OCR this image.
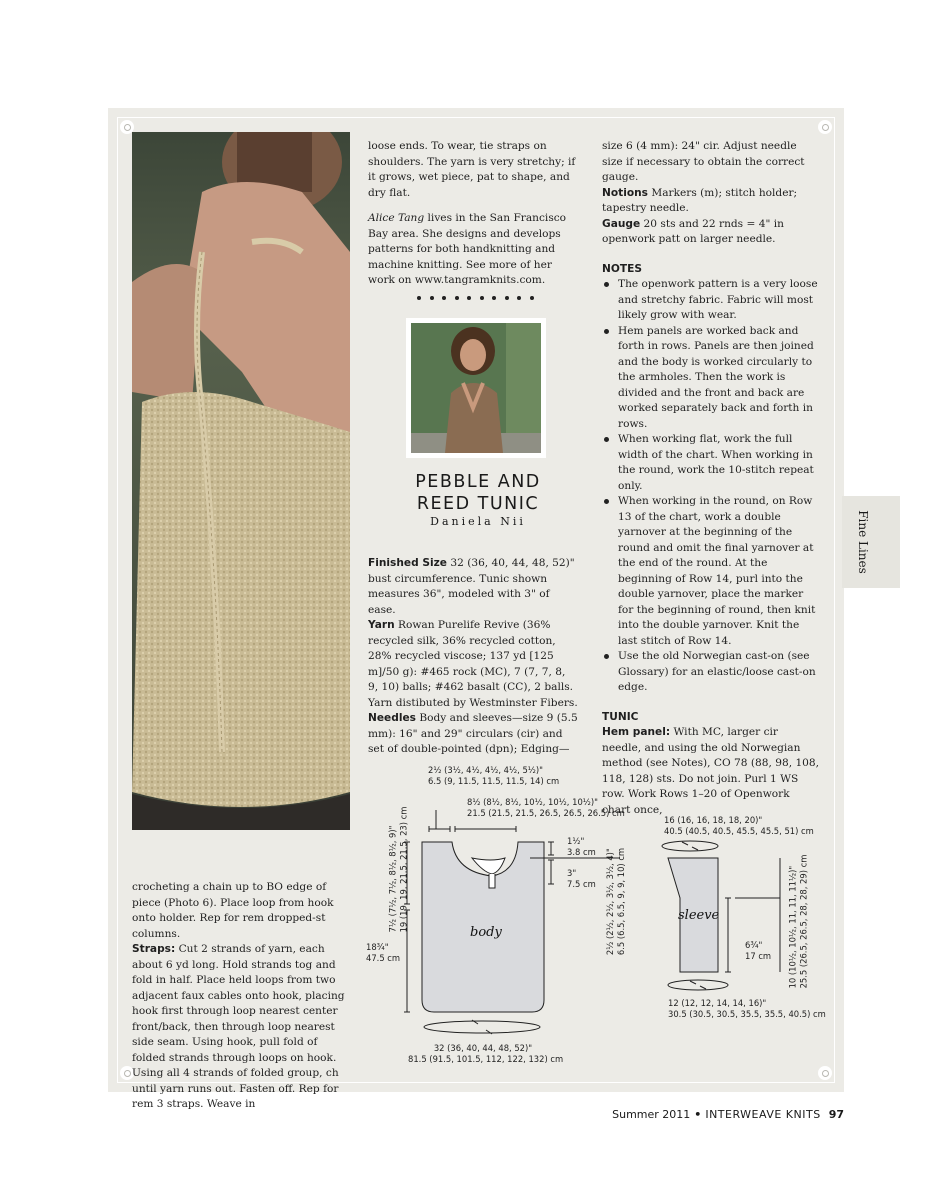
crocheting a chain up to BO edge of piece (Photo 6). Place loop from hook onto holder. Rep for rem dropped-st columns.

Straps: Cut 2 strands of yarn, each about 6 yd long. Hold strands tog and fold in half. Place held loops from two adjacent faux cables onto hook, placing hook first through loop nearest center front/back, then through loop nearest side seam. Using hook, pull fold of folded strands through loops on hook. Using all 4 strands of folded group, ch until yarn runs out. Fasten off. Rep for rem 3 straps. Weave in

loose ends. To wear, tie straps on shoulders. The yarn is very stretchy; if it grows, wet piece, pat to shape, and dry flat.

Alice Tang lives in the San Francisco Bay area. She designs and develops patterns for both handknitting and machine knitting. See more of her work on www.tangramknits.com.

PEBBLE AND
REED TUNIC
Daniela Nii

Finished Size 32 (36, 40, 44, 48, 52)" bust circumference. Tunic shown measures 36", modeled with 3" of ease.

Yarn Rowan Purelife Revive (36% recycled silk, 36% recycled cotton, 28% recycled viscose; 137 yd [125 m]/50 g): #465 rock (MC), 7 (7, 7, 8, 9, 10) balls; #462 basalt (CC), 2 balls. Yarn distibuted by Westminster Fibers.

Needles Body and sleeves—size 9 (5.5 mm): 16" and 29" circulars (cir) and set of double-pointed (dpn); Edging—

size 6 (4 mm): 24" cir. Adjust needle size if necessary to obtain the correct gauge.

Notions Markers (m); stitch holder; tapestry needle.

Gauge 20 sts and 22 rnds = 4" in openwork patt on larger needle.

NOTES

The openwork pattern is a very loose and stretchy fabric. Fabric will most likely grow with wear.

Hem panels are worked back and forth in rows. Panels are then joined and the body is worked circularly to the armholes. Then the work is divided and the front and back are worked separately back and forth in rows.

When working flat, work the full width of the chart. When working in the round, work the 10-stitch repeat only.

When working in the round, on Row 13 of the chart, work a double yarnover at the beginning of the round and omit the final yarnover at the end of the round. At the beginning of Row 14, purl into the double yarnover, place the marker for the beginning of round, then knit into the double yarnover. Knit the last stitch of Row 14.

Use the old Norwegian cast-on (see Glossary) for an elastic/loose cast-on edge.

TUNIC

Hem panel: With MC, larger cir needle, and using the old Norwegian method (see Notes), CO 78 (88, 98, 108, 118, 128) sts. Do not join. Purl 1 WS row. Work Rows 1–20 of Openwork chart once,

Fine Lines
2½ (3½, 4½, 4½, 4½, 5½)"
6.5 (9, 11.5, 11.5, 11.5, 14) cm
8½ (8½, 8½, 10½, 10½, 10½)"
21.5 (21.5, 21.5, 26.5, 26.5, 26.5) cm
1½"
3.8 cm
3"
7.5 cm 2½ (2½, 2½, 3½, 3½, 4)" 6.5 (6.5, 6.5, 9, 9, 10) cm
7½ (7½, 7½, 8½, 8½, 9)" 19 (19, 19, 21.5, 21.5, 23) cm
18¾"
47.5 cm
32 (36, 40, 44, 48, 52)"
81.5 (91.5, 101.5, 112, 122, 132) cm
body
16 (16, 16, 18, 18, 20)"
40.5 (40.5, 40.5, 45.5, 45.5, 51) cm
6¾"
17 cm 10 (10½, 10½, 11, 11, 11½)" 25.5 (26.5, 26.5, 28, 28, 29) cm
12 (12, 12, 14, 14, 16)"
30.5 (30.5, 30.5, 35.5, 35.5, 40.5) cm
sleeve
Summer 2011 • INTERWEAVE KNITS 97
